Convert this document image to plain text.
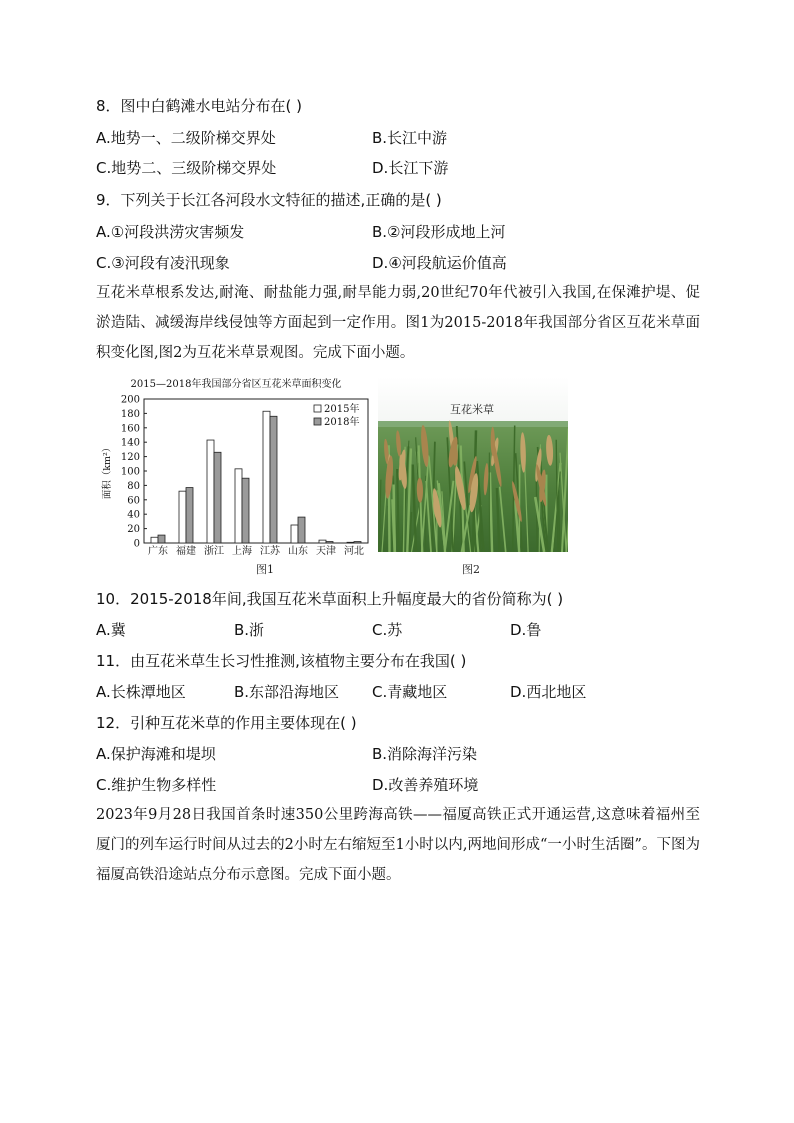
8．图中白鹤滩水电站分布在( )
A.地势一、二级阶梯交界处	B.长江中游
C.地势二、三级阶梯交界处	D.长江下游
9．下列关于长江各河段水文特征的描述,正确的是( )
A.①河段洪涝灾害频发	B.②河段形成地上河
C.③河段有凌汛现象	D.④河段航运价值高
互花米草根系发达,耐淹、耐盐能力强,耐旱能力弱,20世纪70年代被引入我国,在保滩护堤、促淤造陆、减缓海岸线侵蚀等方面起到一定作用。图1为2015-2018年我国部分省区互花米草面积变化图,图2为互花米草景观图。完成下面小题。
2015—2018年我国部分省区互花米草面积变化
0
20
40
60
80
100
120
140
160
180
200
面积（km²）
广东 福建 浙江 上海 江苏 山东 天津 河北
2015年
2018年
图1
互花米草
图2
10．2015-2018年间,我国互花米草面积上升幅度最大的省份简称为( )
A.冀	B.浙	C.苏	D.鲁
11．由互花米草生长习性推测,该植物主要分布在我国( )
A.长株潭地区	B.东部沿海地区 C.青藏地区	D.西北地区
12．引种互花米草的作用主要体现在( )
A.保护海滩和堤坝	B.消除海洋污染
C.维护生物多样性	D.改善养殖环境
2023年9月28日我国首条时速350公里跨海高铁——福厦高铁正式开通运营,这意味着福州至厦门的列车运行时间从过去的2小时左右缩短至1小时以内,两地间形成“一小时生活圈”。下图为福厦高铁沿途站点分布示意图。完成下面小题。
